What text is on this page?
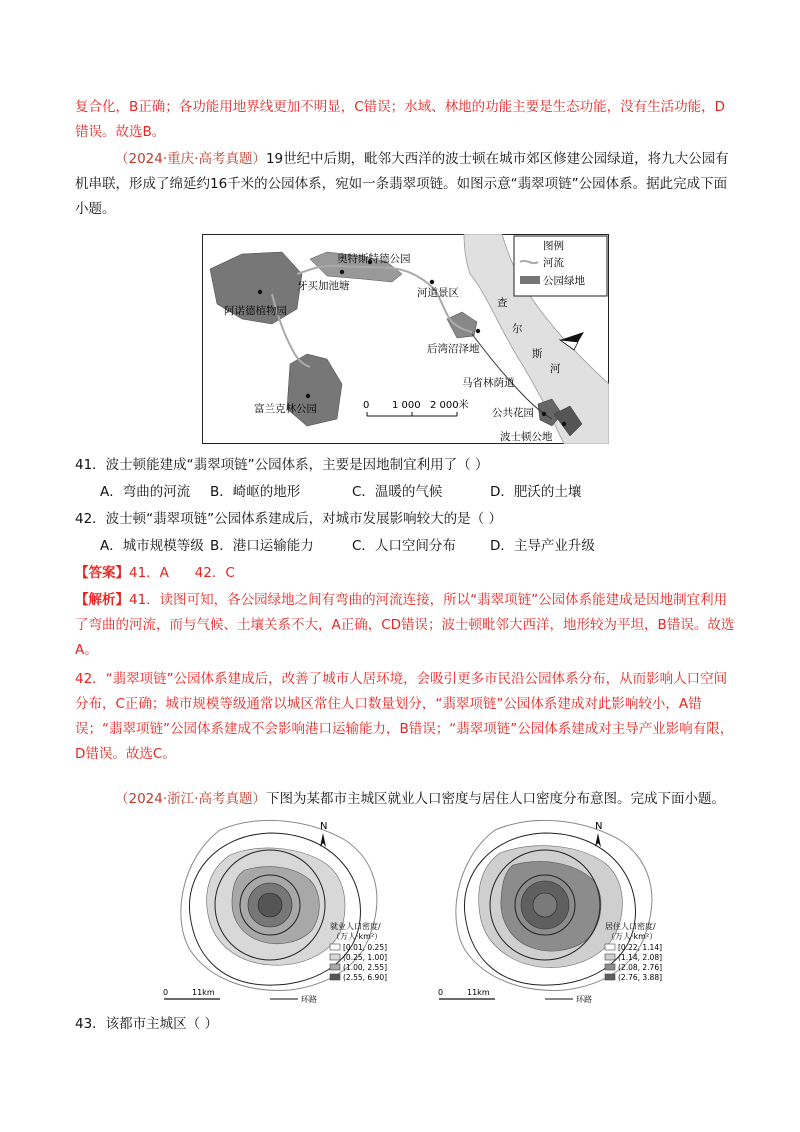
复合化，B正确；各功能用地界线更加不明显，C错误；水域、林地的功能主要是生态功能，没有生活功能，D错误。故选B。
（2024·重庆·高考真题）19世纪中后期，毗邻大西洋的波士顿在城市郊区修建公园绿道，将九大公园有机串联，形成了绵延约16千米的公园体系，宛如一条翡翠项链。如图示意“翡翠项链”公园体系。据此完成下面小题。
奥特斯特德公园
牙买加池塘
阿诺德植物园
河道景区
查
尔
斯
河
后湾沼泽地
马省林荫道
公共花园
波士顿公地
富兰克林公园	0 1 000 2 000米
图例
河流
公园绿地
41．波士顿能建成“翡翠项链”公园体系，主要是因地制宜利用了（ ）
A．弯曲的河流	B．崎岖的地形	C．温暖的气候	D．肥沃的土壤
42．波士顿“翡翠项链”公园体系建成后，对城市发展影响较大的是（ ）
A．城市规模等级 B．港口运输能力	C．人口空间分布	D．主导产业升级
【答案】41．A      42．C
【解析】41．读图可知，各公园绿地之间有弯曲的河流连接，所以“翡翠项链”公园体系能建成是因地制宜利用了弯曲的河流，而与气候、土壤关系不大，A正确，CD错误；波士顿毗邻大西洋，地形较为平坦，B错误。故选A。
42．“翡翠项链”公园体系建成后，改善了城市人居环境，会吸引更多市民沿公园体系分布，从而影响人口空间分布，C正确；城市规模等级通常以城区常住人口数量划分，“翡翠项链”公园体系建成对此影响较小，A错误；“翡翠项链”公园体系建成不会影响港口运输能力，B错误；“翡翠项链”公园体系建成对主导产业影响有限，D错误。故选C。
（2024·浙江·高考真题）下图为某都市主城区就业人口密度与居住人口密度分布意图。完成下面小题。
N
就业人口密度/
（万人·km²）
[0.01, 0.25]
(0.25, 1.00]
(1.00, 2.55]
(2.55, 6.90]
0	11km
环路
N
居住人口密度/
（万人·km²）
[0.22, 1.14]
(1.14, 2.08]
(2.08, 2.76]
(2.76, 3.88]
0	11km
环路
43．该都市主城区（ ）
